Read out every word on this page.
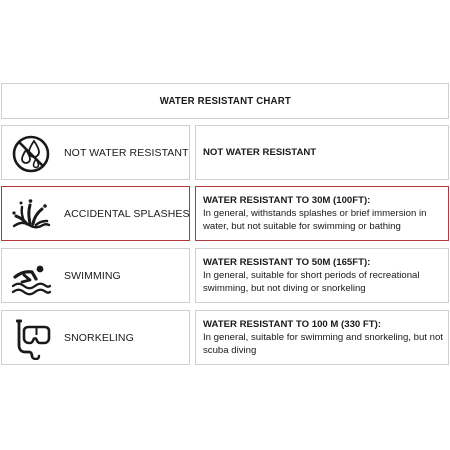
WATER RESISTANT CHART
NOT WATER RESISTANT NOT WATER RESISTANT
ACCIDENTAL SPLASHES
WATER RESISTANT TO 30M (100FT):
In general, withstands splashes or brief immersion in water, but not suitable for swimming or bathing
SWIMMING
WATER RESISTANT TO 50M (165FT):
In general, suitable for short periods of recreational swimming, but not diving or snorkeling
SNORKELING
WATER RESISTANT TO 100 M (330 FT):
In general, suitable for swimming and snorkeling, but not scuba diving
